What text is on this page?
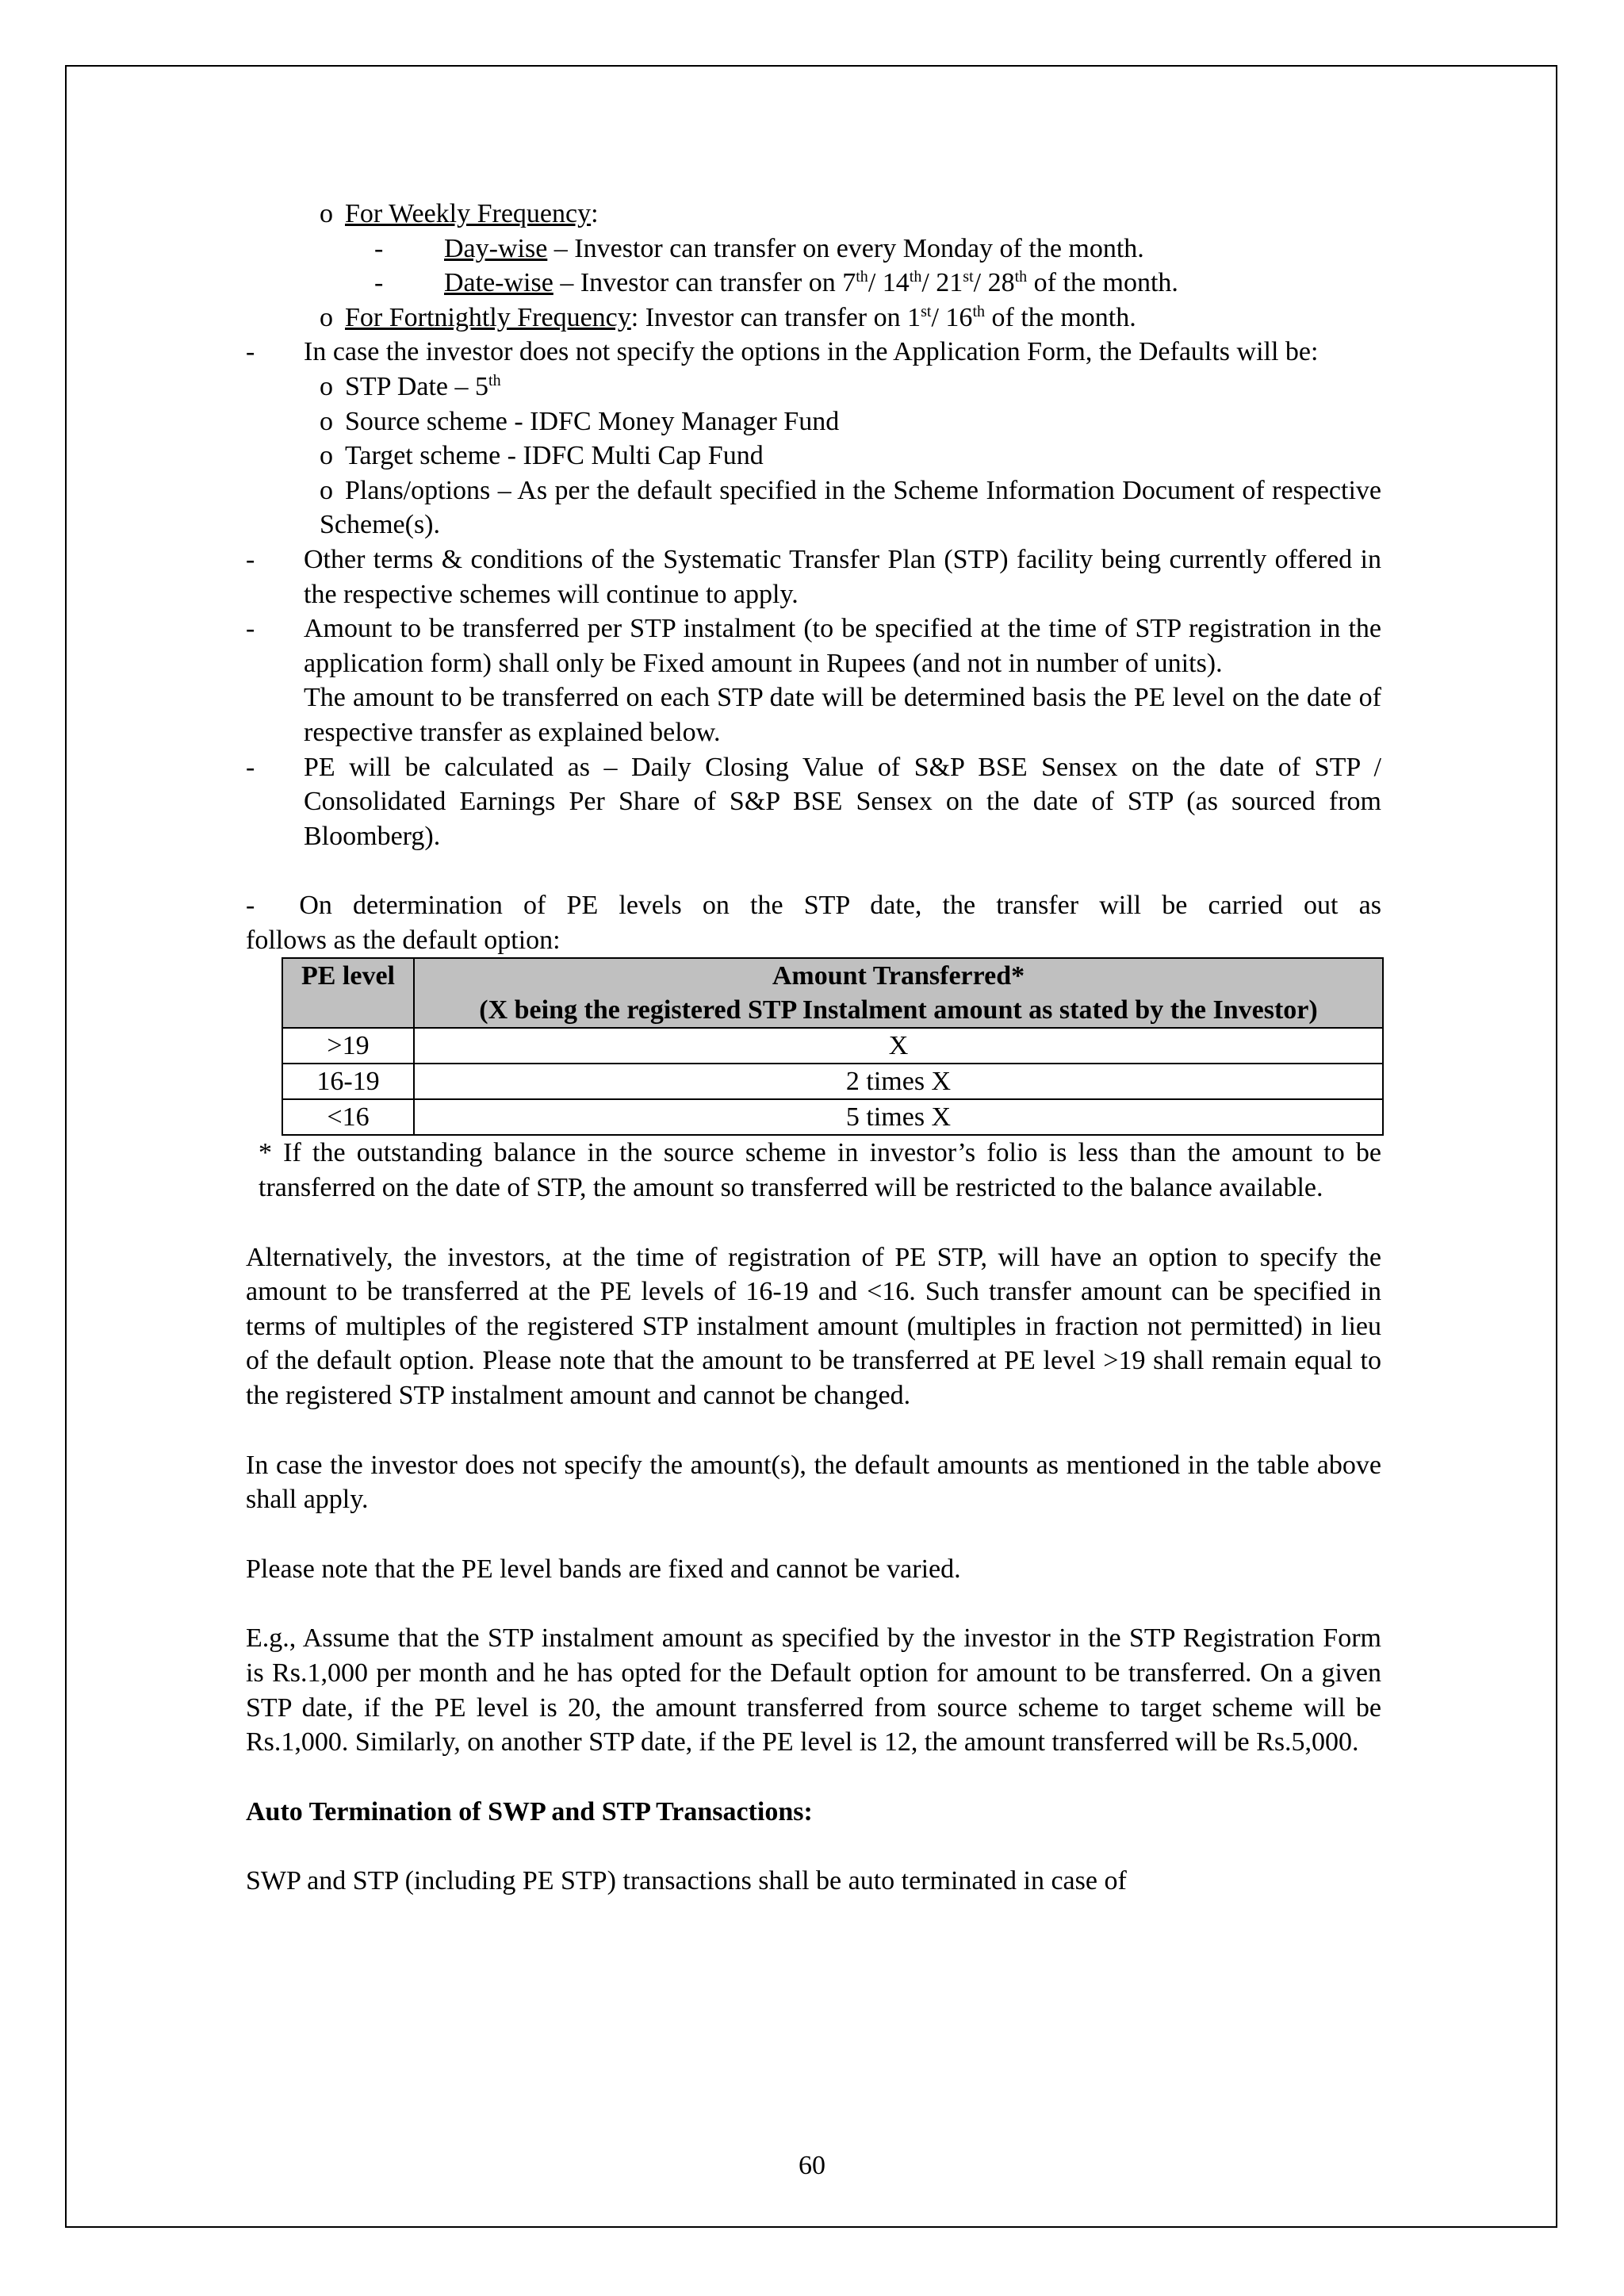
o For Weekly Frequency:
- Day-wise – Investor can transfer on every Monday of the month.
- Date-wise – Investor can transfer on 7th/ 14th/ 21st/ 28th of the month.
o For Fortnightly Frequency: Investor can transfer on 1st/ 16th of the month.
- In case the investor does not specify the options in the Application Form, the Defaults will be:
o STP Date – 5th
o Source scheme - IDFC Money Manager Fund
o Target scheme - IDFC Multi Cap Fund
o Plans/options – As per the default specified in the Scheme Information Document of respective Scheme(s).
- Other terms & conditions of the Systematic Transfer Plan (STP) facility being currently offered in the respective schemes will continue to apply.
- Amount to be transferred per STP instalment (to be specified at the time of STP registration in the application form) shall only be Fixed amount in Rupees (and not in number of units).
The amount to be transferred on each STP date will be determined basis the PE level on the date of respective transfer as explained below.
- PE will be calculated as – Daily Closing Value of S&P BSE Sensex on the date of STP / Consolidated Earnings Per Share of S&P BSE Sensex on the date of STP (as sourced from Bloomberg).
- On determination of PE levels on the STP date, the transfer will be carried out as
follows as the default option:
PE level	Amount Transferred*
(X being the registered STP Instalment amount as stated by the Investor)

>19	X
16-19	2 times X
<16	5 times X
* If the outstanding balance in the source scheme in investor’s folio is less than the amount to be transferred on the date of STP, the amount so transferred will be restricted to the balance available.
Alternatively, the investors, at the time of registration of PE STP, will have an option to specify the amount to be transferred at the PE levels of 16-19 and <16. Such transfer amount can be specified in terms of multiples of the registered STP instalment amount (multiples in fraction not permitted) in lieu of the default option. Please note that the amount to be transferred at PE level >19 shall remain equal to the registered STP instalment amount and cannot be changed.
In case the investor does not specify the amount(s), the default amounts as mentioned in the table above shall apply.
Please note that the PE level bands are fixed and cannot be varied.
E.g., Assume that the STP instalment amount as specified by the investor in the STP Registration Form is Rs.1,000 per month and he has opted for the Default option for amount to be transferred. On a given STP date, if the PE level is 20, the amount transferred from source scheme to target scheme will be Rs.1,000. Similarly, on another STP date, if the PE level is 12, the amount transferred will be Rs.5,000.
Auto Termination of SWP and STP Transactions:
SWP and STP (including PE STP) transactions shall be auto terminated in case of
60
